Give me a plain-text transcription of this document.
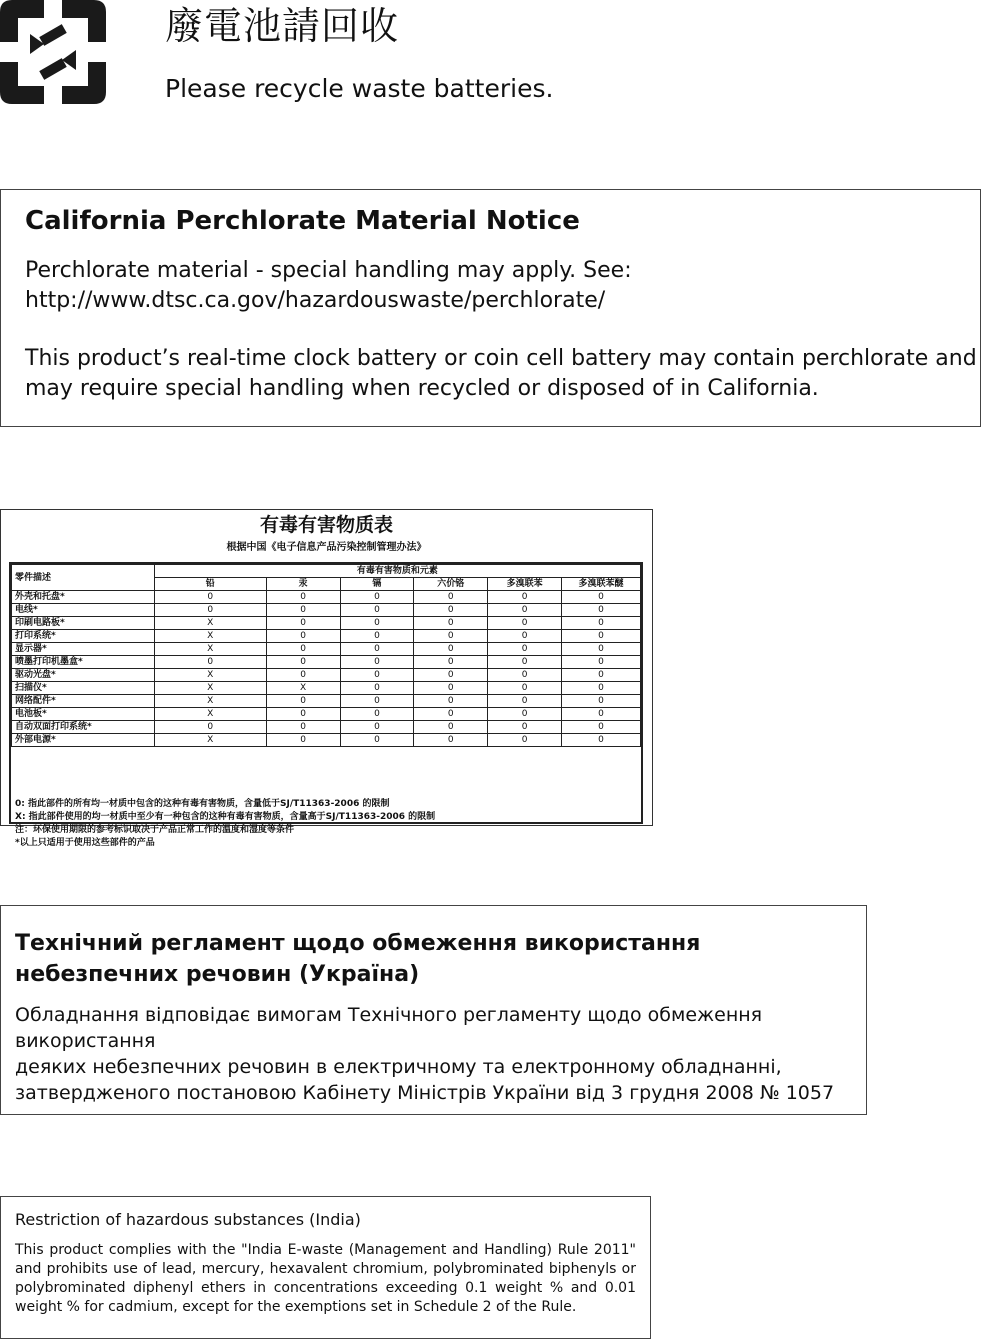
廢電池請回收
Please recycle waste batteries.

California Perchlorate Material Notice

Perchlorate material - special handling may apply. See:

http://www.dtsc.ca.gov/hazardouswaste/perchlorate/

This product’s real-time clock battery or coin cell battery may contain perchlorate and

may require special handling when recycled or disposed of in California.

有毒有害物质表
根据中国《电子信息产品污染控制管理办法》
零件描述	有毒有害物质和元素					
	铅	汞	镉	六价铬	多溴联苯	多溴联苯醚
外壳和托盘*	0	0	0	0	0	0
电线*	0	0	0	0	0	0
印刷电路板*	X	0	0	0	0	0
打印系统*	X	0	0	0	0	0
显示器*	X	0	0	0	0	0
喷墨打印机墨盒*	0	0	0	0	0	0
驱动光盘*	X	0	0	0	0	0
扫描仪*	X	X	0	0	0	0
网络配件*	X	0	0	0	0	0
电池板*	X	0	0	0	0	0
自动双面打印系统*	0	0	0	0	0	0
外部电源*	X	0	0	0	0	0
0: 指此部件的所有均一材质中包含的这种有毒有害物质，含量低于SJ/T11363-2006 的限制
X: 指此部件使用的均一材质中至少有一种包含的这种有毒有害物质，含量高于SJ/T11363-2006 的限制
注：环保使用期限的参考标识取决于产品正常工作的温度和湿度等条件
*以上只适用于使用这些部件的产品

Технічний регламент щодо обмеження використання

небезпечних речовин (Україна)

Обладнання відповідає вимогам Технічного регламенту щодо обмеження використання

деяких небезпечних речовин в електричному та електронному обладнанні,

затвердженого постановою Кабінету Міністрів України від 3 грудня 2008 № 1057

Restriction of hazardous substances (India)

This product complies with the "India E-waste (Management and Handling) Rule 2011" and prohibits use of lead, mercury, hexavalent chromium, polybrominated biphenyls or polybrominated diphenyl ethers in concentrations exceeding 0.1 weight % and 0.01 weight % for cadmium, except for the exemptions set in Schedule 2 of the Rule.
